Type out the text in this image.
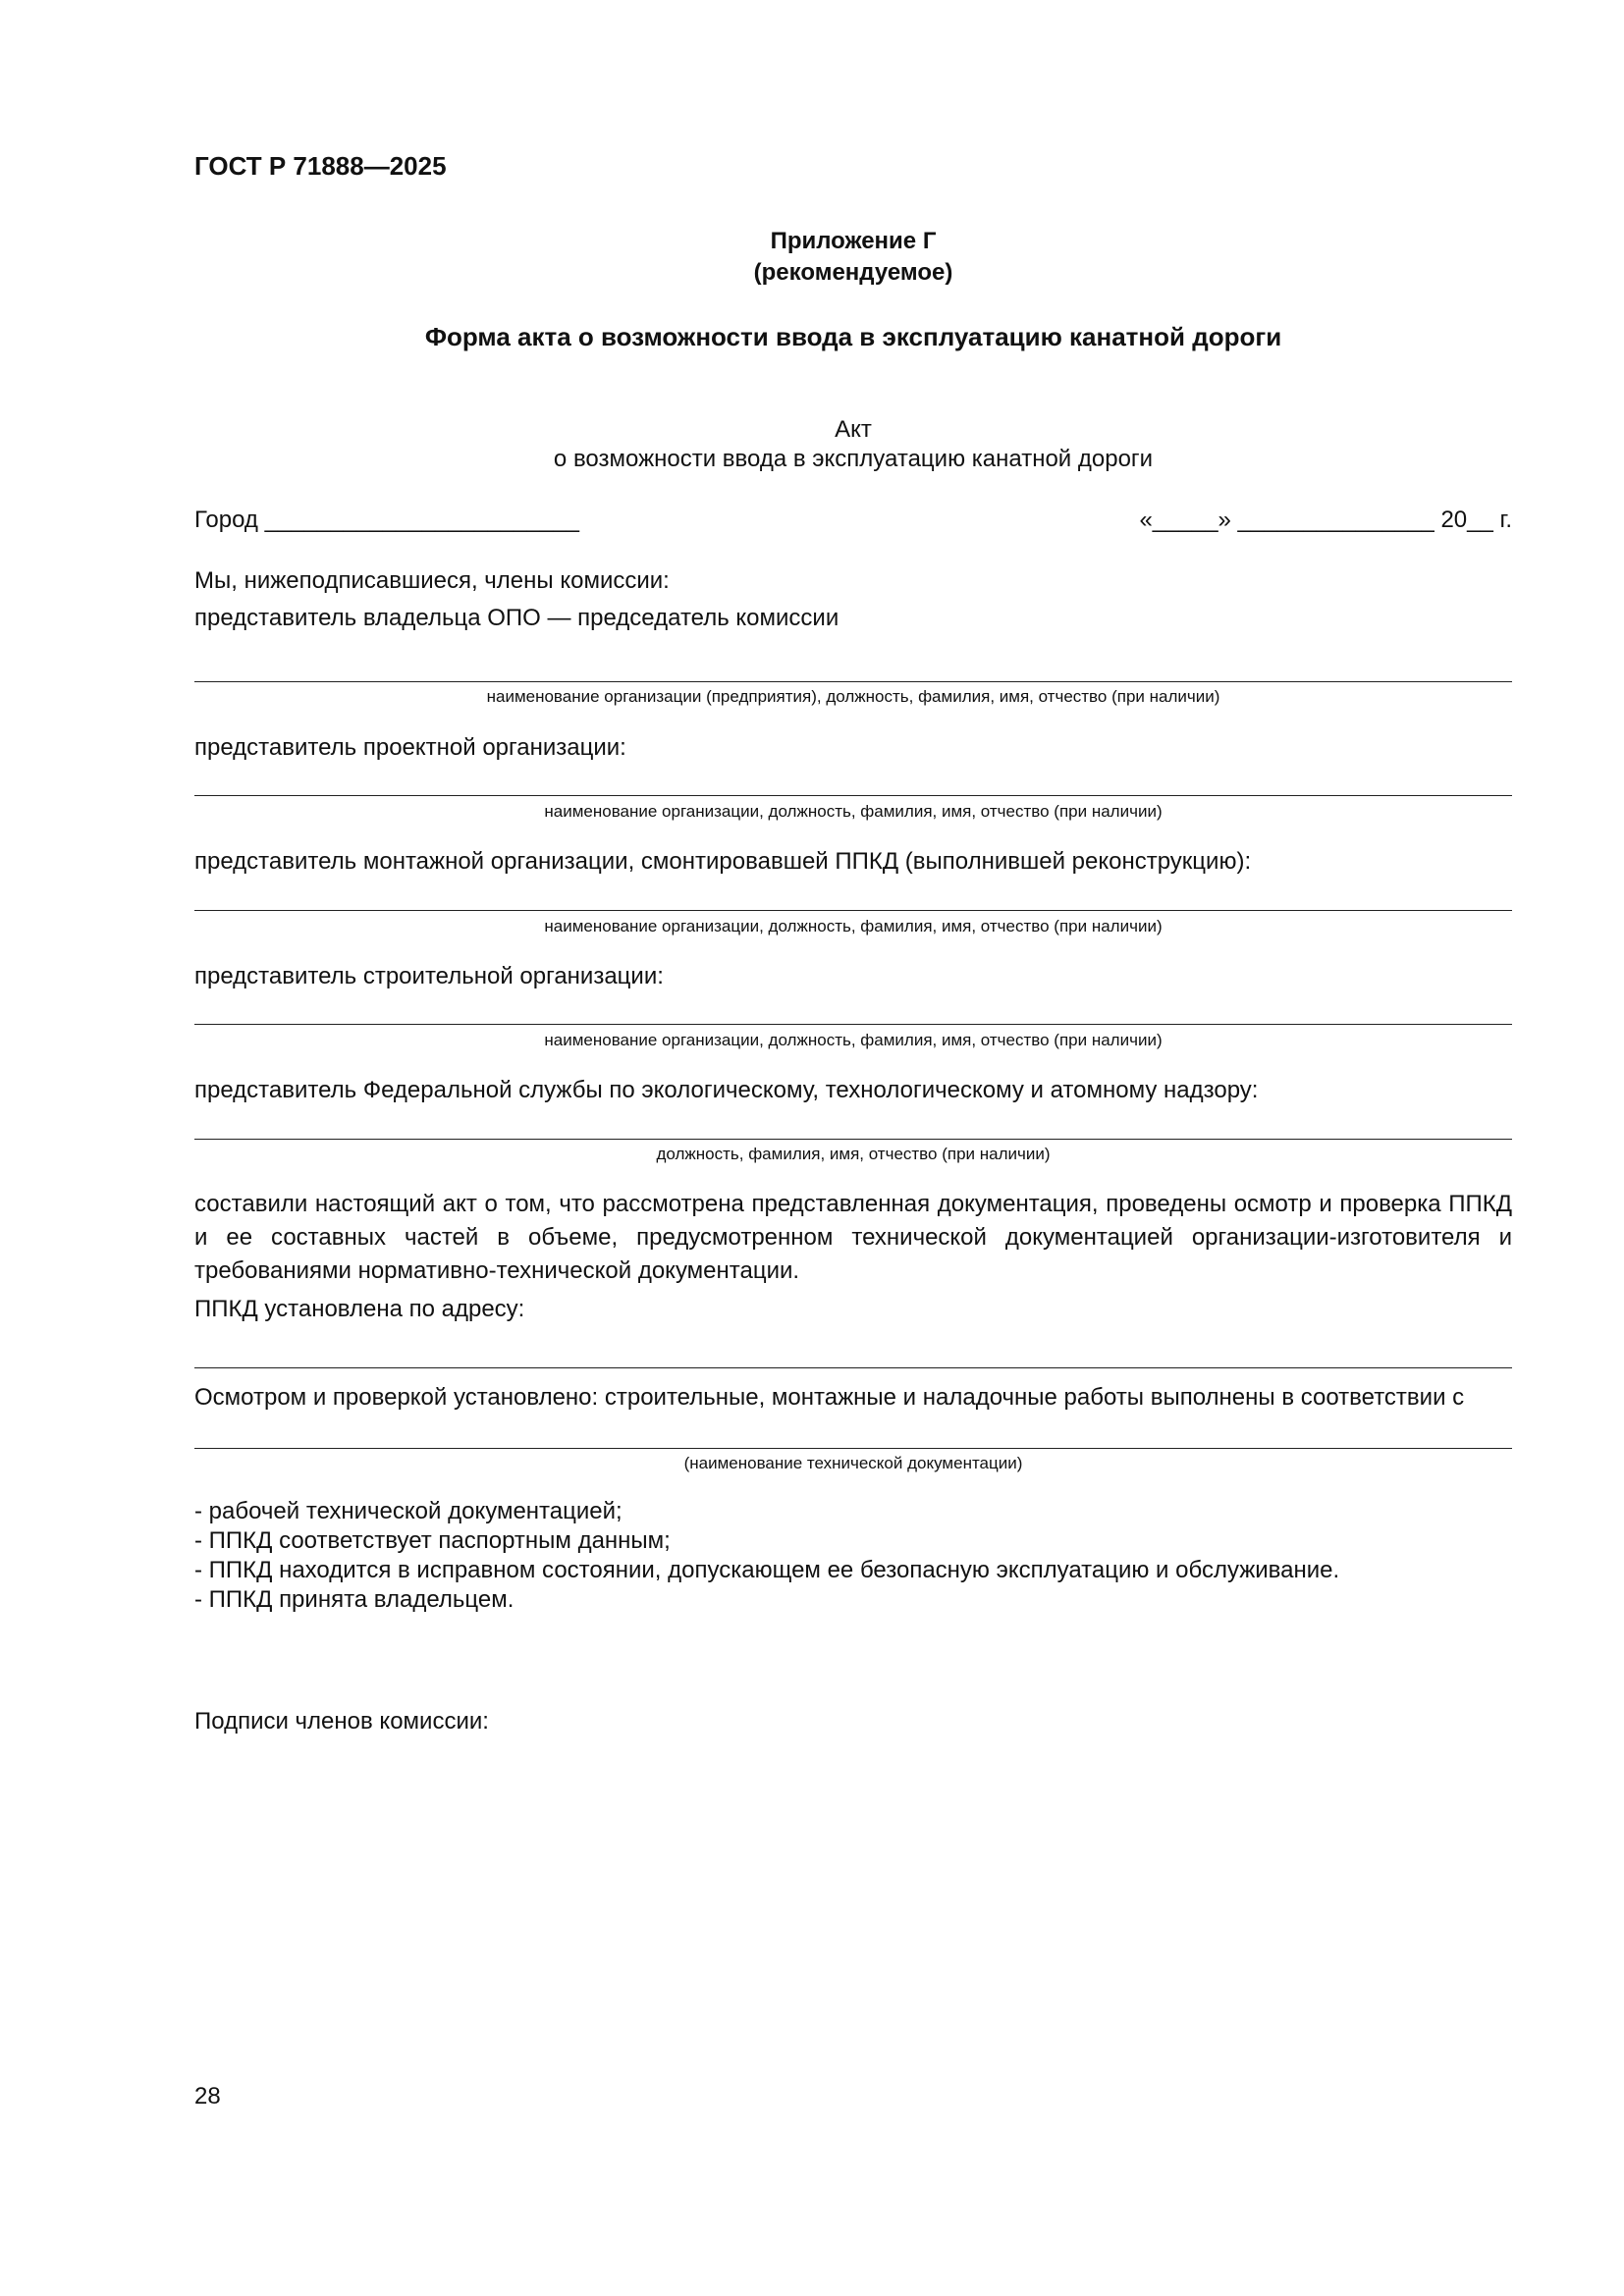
ГОСТ Р 71888—2025
Приложение Г
(рекомендуемое)
Форма акта о возможности ввода в эксплуатацию канатной дороги
Акт
о возможности ввода в эксплуатацию канатной дороги
Город ________________________	«_____» _______________ 20__ г.
Мы, нижеподписавшиеся, члены комиссии:
представитель владельца ОПО — председатель комиссии
наименование организации (предприятия), должность, фамилия, имя, отчество (при наличии)
представитель проектной организации:
наименование организации, должность, фамилия, имя, отчество (при наличии)
представитель монтажной организации, смонтировавшей ППКД (выполнившей реконструкцию):
наименование организации, должность, фамилия, имя, отчество (при наличии)
представитель строительной организации:
наименование организации, должность, фамилия, имя, отчество (при наличии)
представитель Федеральной службы по экологическому, технологическому и атомному надзору:
должность, фамилия, имя, отчество (при наличии)
составили настоящий акт о том, что рассмотрена представленная документация, проведены осмотр и проверка ППКД и ее составных частей в объеме, предусмотренном технической документацией организации-изготовителя и требованиями нормативно-технической документации.
ППКД установлена по адресу:
Осмотром и проверкой установлено: строительные, монтажные и наладочные работы выполнены в соответствии с
(наименование технической документации)
- рабочей технической документацией;
- ППКД соответствует паспортным данным;
- ППКД находится в исправном состоянии, допускающем ее безопасную эксплуатацию и обслуживание.
- ППКД принята владельцем.
Подписи членов комиссии:
28
